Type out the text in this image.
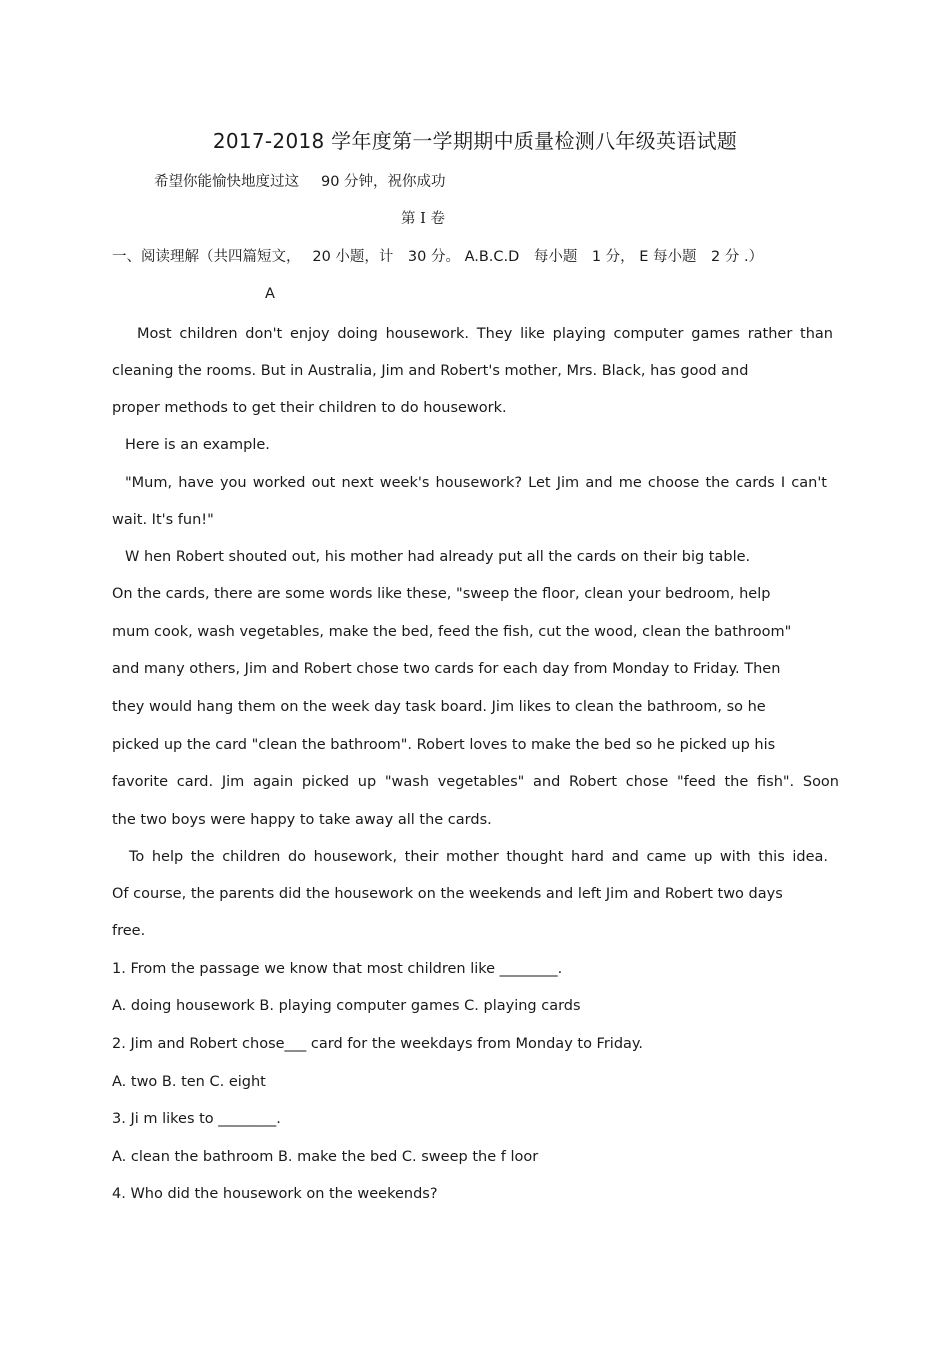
2017-2018 学年度第一学期期中质量检测八年级英语试题
希望你能愉快地度过这 90 分钟，祝你成功
第 I 卷
一、阅读理解（共四篇短文，　 20 小题，计　30 分。 A.B.C.D　每小题　1 分， E 每小题　2 分 .）
A
Most children don't enjoy doing housework. They like playing computer games rather than
cleaning the rooms. But in Australia, Jim and Robert's mother, Mrs. Black, has good and
proper methods to get their children to do housework.
Here is an example.
"Mum, have you worked out next week's housework? Let Jim and me choose the cards I can't
wait. It's fun!"
W hen Robert shouted out, his mother had already put all the cards on their big table.
On the cards, there are some words like these, "sweep the floor, clean your bedroom, help
mum cook, wash vegetables, make the bed, feed the fish, cut the wood, clean the bathroom"
and many others, Jim and Robert chose two cards for each day from Monday to Friday. Then
they would hang them on the week day task board. Jim likes to clean the bathroom, so he
picked up the card "clean the bathroom". Robert loves to make the bed so he picked up his
favorite card. Jim again picked up "wash vegetables" and Robert chose "feed the fish". Soon
the two boys were happy to take away all the cards.
To help the children do housework, their mother thought hard and came up with this idea.
Of course, the parents did the housework on the weekends and left Jim and Robert two days
free.
1. From the passage we know that most children like ________.
A. doing housework B. playing computer games C. playing cards
2. Jim and Robert chose___ card for the weekdays from Monday to Friday.
A. two B. ten C. eight
3. Ji m likes to ________.
A. clean the bathroom B. make the bed C. sweep the f loor
4. Who did the housework on the weekends?
